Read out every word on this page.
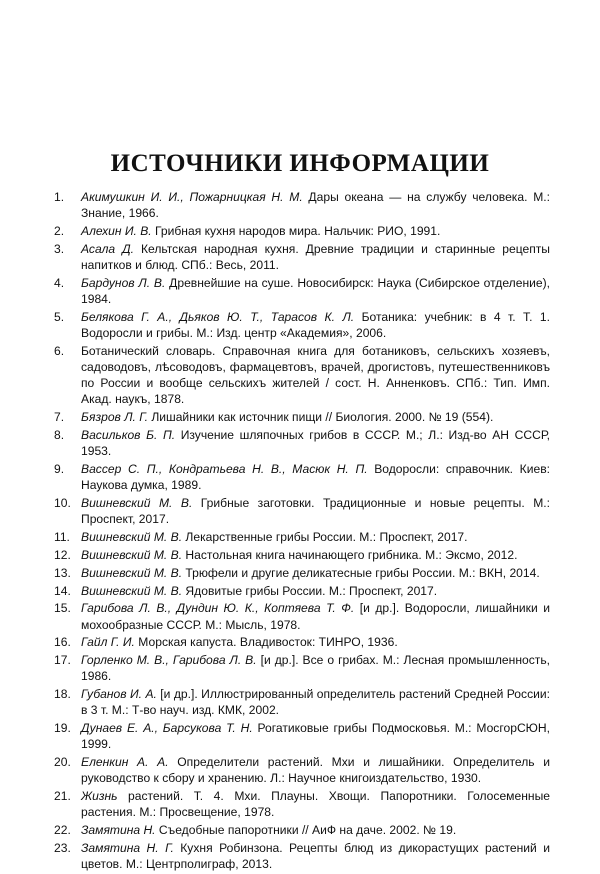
ИСТОЧНИКИ ИНФОРМАЦИИ
1.	Акимушкин И. И., Пожарницкая Н. М. Дары океана — на службу человека. М.: Знание, 1966.
2.	Алехин И. В. Грибная кухня народов мира. Нальчик: РИО, 1991.
3.	Асала Д. Кельтская народная кухня. Древние традиции и старинные рецепты напитков и блюд. СПб.: Весь, 2011.
4.	Бардунов Л. В. Древнейшие на суше. Новосибирск: Наука (Сибирское отделение), 1984.
5.	Белякова Г. А., Дьяков Ю. Т., Тарасов К. Л. Ботаника: учебник: в 4 т. Т. 1. Водоросли и грибы. М.: Изд. центр «Академия», 2006.
6.	Ботанический словарь. Справочная книга для ботаниковъ, сельскихъ хозяевъ, садоводовъ, лѣсоводовъ, фармацевтовъ, врачей, дрогистовъ, путешественниковъ по России и вообще сельскихъ жителей / сост. Н. Анненковъ. СПб.: Тип. Имп. Акад. наукъ, 1878.
7.	Бязров Л. Г. Лишайники как источник пищи // Биология. 2000. № 19 (554).
8.	Васильков Б. П. Изучение шляпочных грибов в СССР. М.; Л.: Изд-во АН СССР, 1953.
9.	Вассер С. П., Кондратьева Н. В., Масюк Н. П. Водоросли: справочник. Киев: Наукова думка, 1989.
10. Вишневский М. В. Грибные заготовки. Традиционные и новые рецепты. М.: Проспект, 2017.
11. Вишневский М. В. Лекарственные грибы России. М.: Проспект, 2017.
12. Вишневский М. В. Настольная книга начинающего грибника. М.: Эксмо, 2012.
13. Вишневский М. В. Трюфели и другие деликатесные грибы России. М.: ВКН, 2014.
14. Вишневский М. В. Ядовитые грибы России. М.: Проспект, 2017.
15. Гарибова Л. В., Дундин Ю. К., Коптяева Т. Ф. [и др.]. Водоросли, лишайники и мохообразные СССР. М.: Мысль, 1978.
16. Гайл Г. И. Морская капуста. Владивосток: ТИНРО, 1936.
17. Горленко М. В., Гарибова Л. В. [и др.]. Все о грибах. М.: Лесная промышленность, 1986.
18. Губанов И. А. [и др.]. Иллюстрированный определитель растений Средней России: в 3 т. М.: Т-во науч. изд. КМК, 2002.
19. Дунаев Е. А., Барсукова Т. Н. Рогатиковые грибы Подмосковья. М.: МосгорСЮН, 1999.
20. Еленкин А. А. Определители растений. Мхи и лишайники. Определитель и руководство к сбору и хранению. Л.: Научное книгоиздательство, 1930.
21. Жизнь растений. Т. 4. Мхи. Плауны. Хвощи. Папоротники. Голосеменные растения. М.: Просвещение, 1978.
22. Замятина Н. Съедобные папоротники // АиФ на даче. 2002. № 19.
23. Замятина Н. Г. Кухня Робинзона. Рецепты блюд из дикорастущих растений и цветов. М.: Центрполиграф, 2013.
